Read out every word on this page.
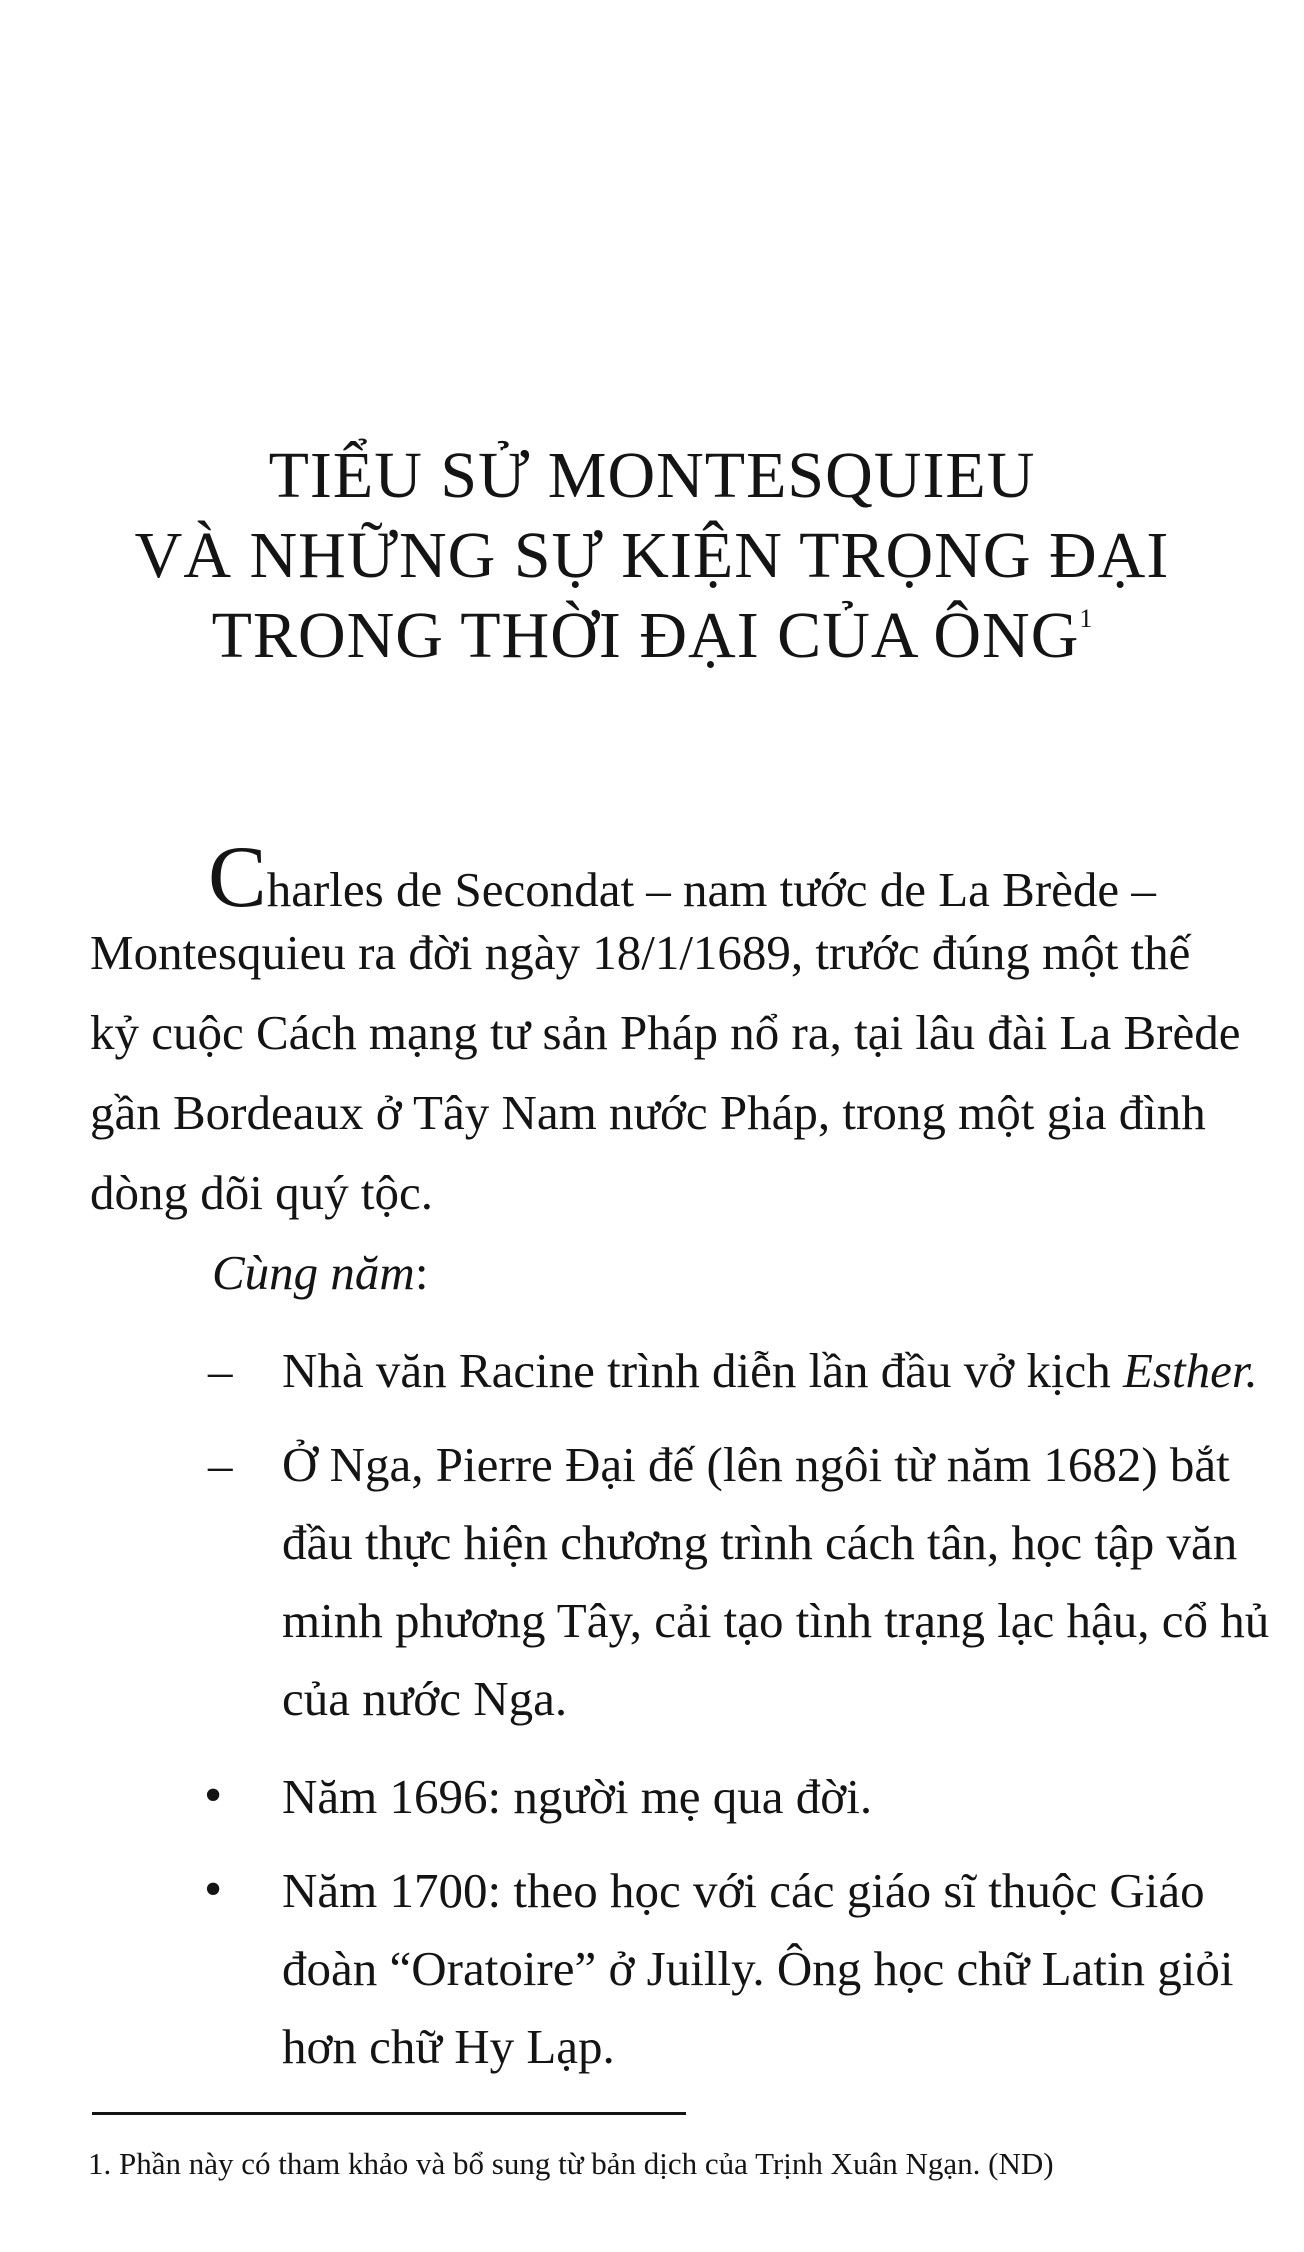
TIỂU SỬ MONTESQUIEU
VÀ NHỮNG SỰ KIỆN TRỌNG ĐẠI
TRONG THỜI ĐẠI CỦA ÔNG$^1$
Charles de Secondat – nam tước de La Brède –
Montesquieu ra đời ngày 18/1/1689, trước đúng một thế
kỷ cuộc Cách mạng tư sản Pháp nổ ra, tại lâu đài La Brède
gần Bordeaux ở Tây Nam nước Pháp, trong một gia đình
dòng dõi quý tộc.
Cùng năm:
– Nhà văn Racine trình diễn lần đầu vở kịch Esther.
– Ở Nga, Pierre Đại đế (lên ngôi từ năm 1682) bắt
đầu thực hiện chương trình cách tân, học tập văn
minh phương Tây, cải tạo tình trạng lạc hậu, cổ hủ
của nước Nga.
• Năm 1696: người mẹ qua đời.
• Năm 1700: theo học với các giáo sĩ thuộc Giáo
đoàn “Oratoire” ở Juilly. Ông học chữ Latin giỏi
hơn chữ Hy Lạp.
1. Phần này có tham khảo và bổ sung từ bản dịch của Trịnh Xuân Ngạn. (ND)
